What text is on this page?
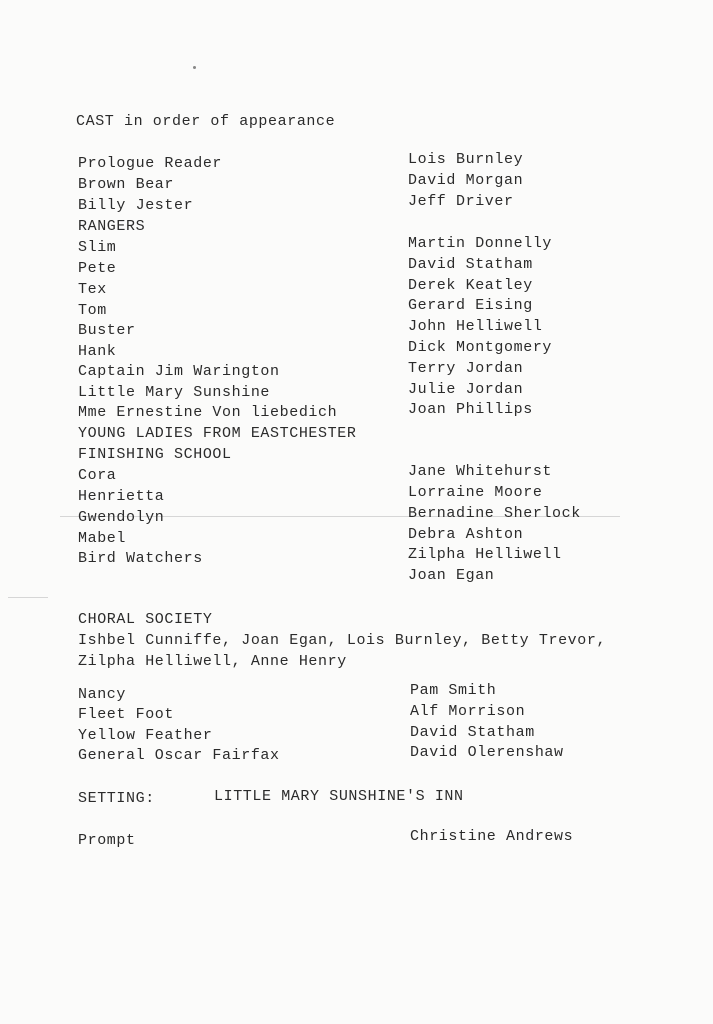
CAST in order of appearance
Prologue Reader
Brown Bear
Billy Jester
RANGERS
Slim
Pete
Tex
Tom
Buster
Hank
Captain Jim Warington
Little Mary Sunshine
Mme Ernestine Von liebedich
YOUNG LADIES FROM EASTCHESTER
FINISHING SCHOOL
Cora
Henrietta
Gwendolyn
Mabel
Bird Watchers
Lois Burnley
David Morgan
Jeff Driver
Martin Donnelly
David Statham
Derek Keatley
Gerard Eising
John Helliwell
Dick Montgomery
Terry Jordan
Julie Jordan
Joan Phillips
Jane Whitehurst
Lorraine Moore
Bernadine Sherlock
Debra Ashton
Zilpha Helliwell
Joan Egan
CHORAL SOCIETY
Ishbel Cunniffe, Joan Egan, Lois Burnley, Betty Trevor,
Zilpha Helliwell, Anne Henry
Nancy
Fleet Foot
Yellow Feather
General Oscar Fairfax
Pam Smith
Alf Morrison
David Statham
David Olerenshaw
SETTING:	LITTLE MARY SUNSHINE'S INN
Prompt	Christine Andrews
